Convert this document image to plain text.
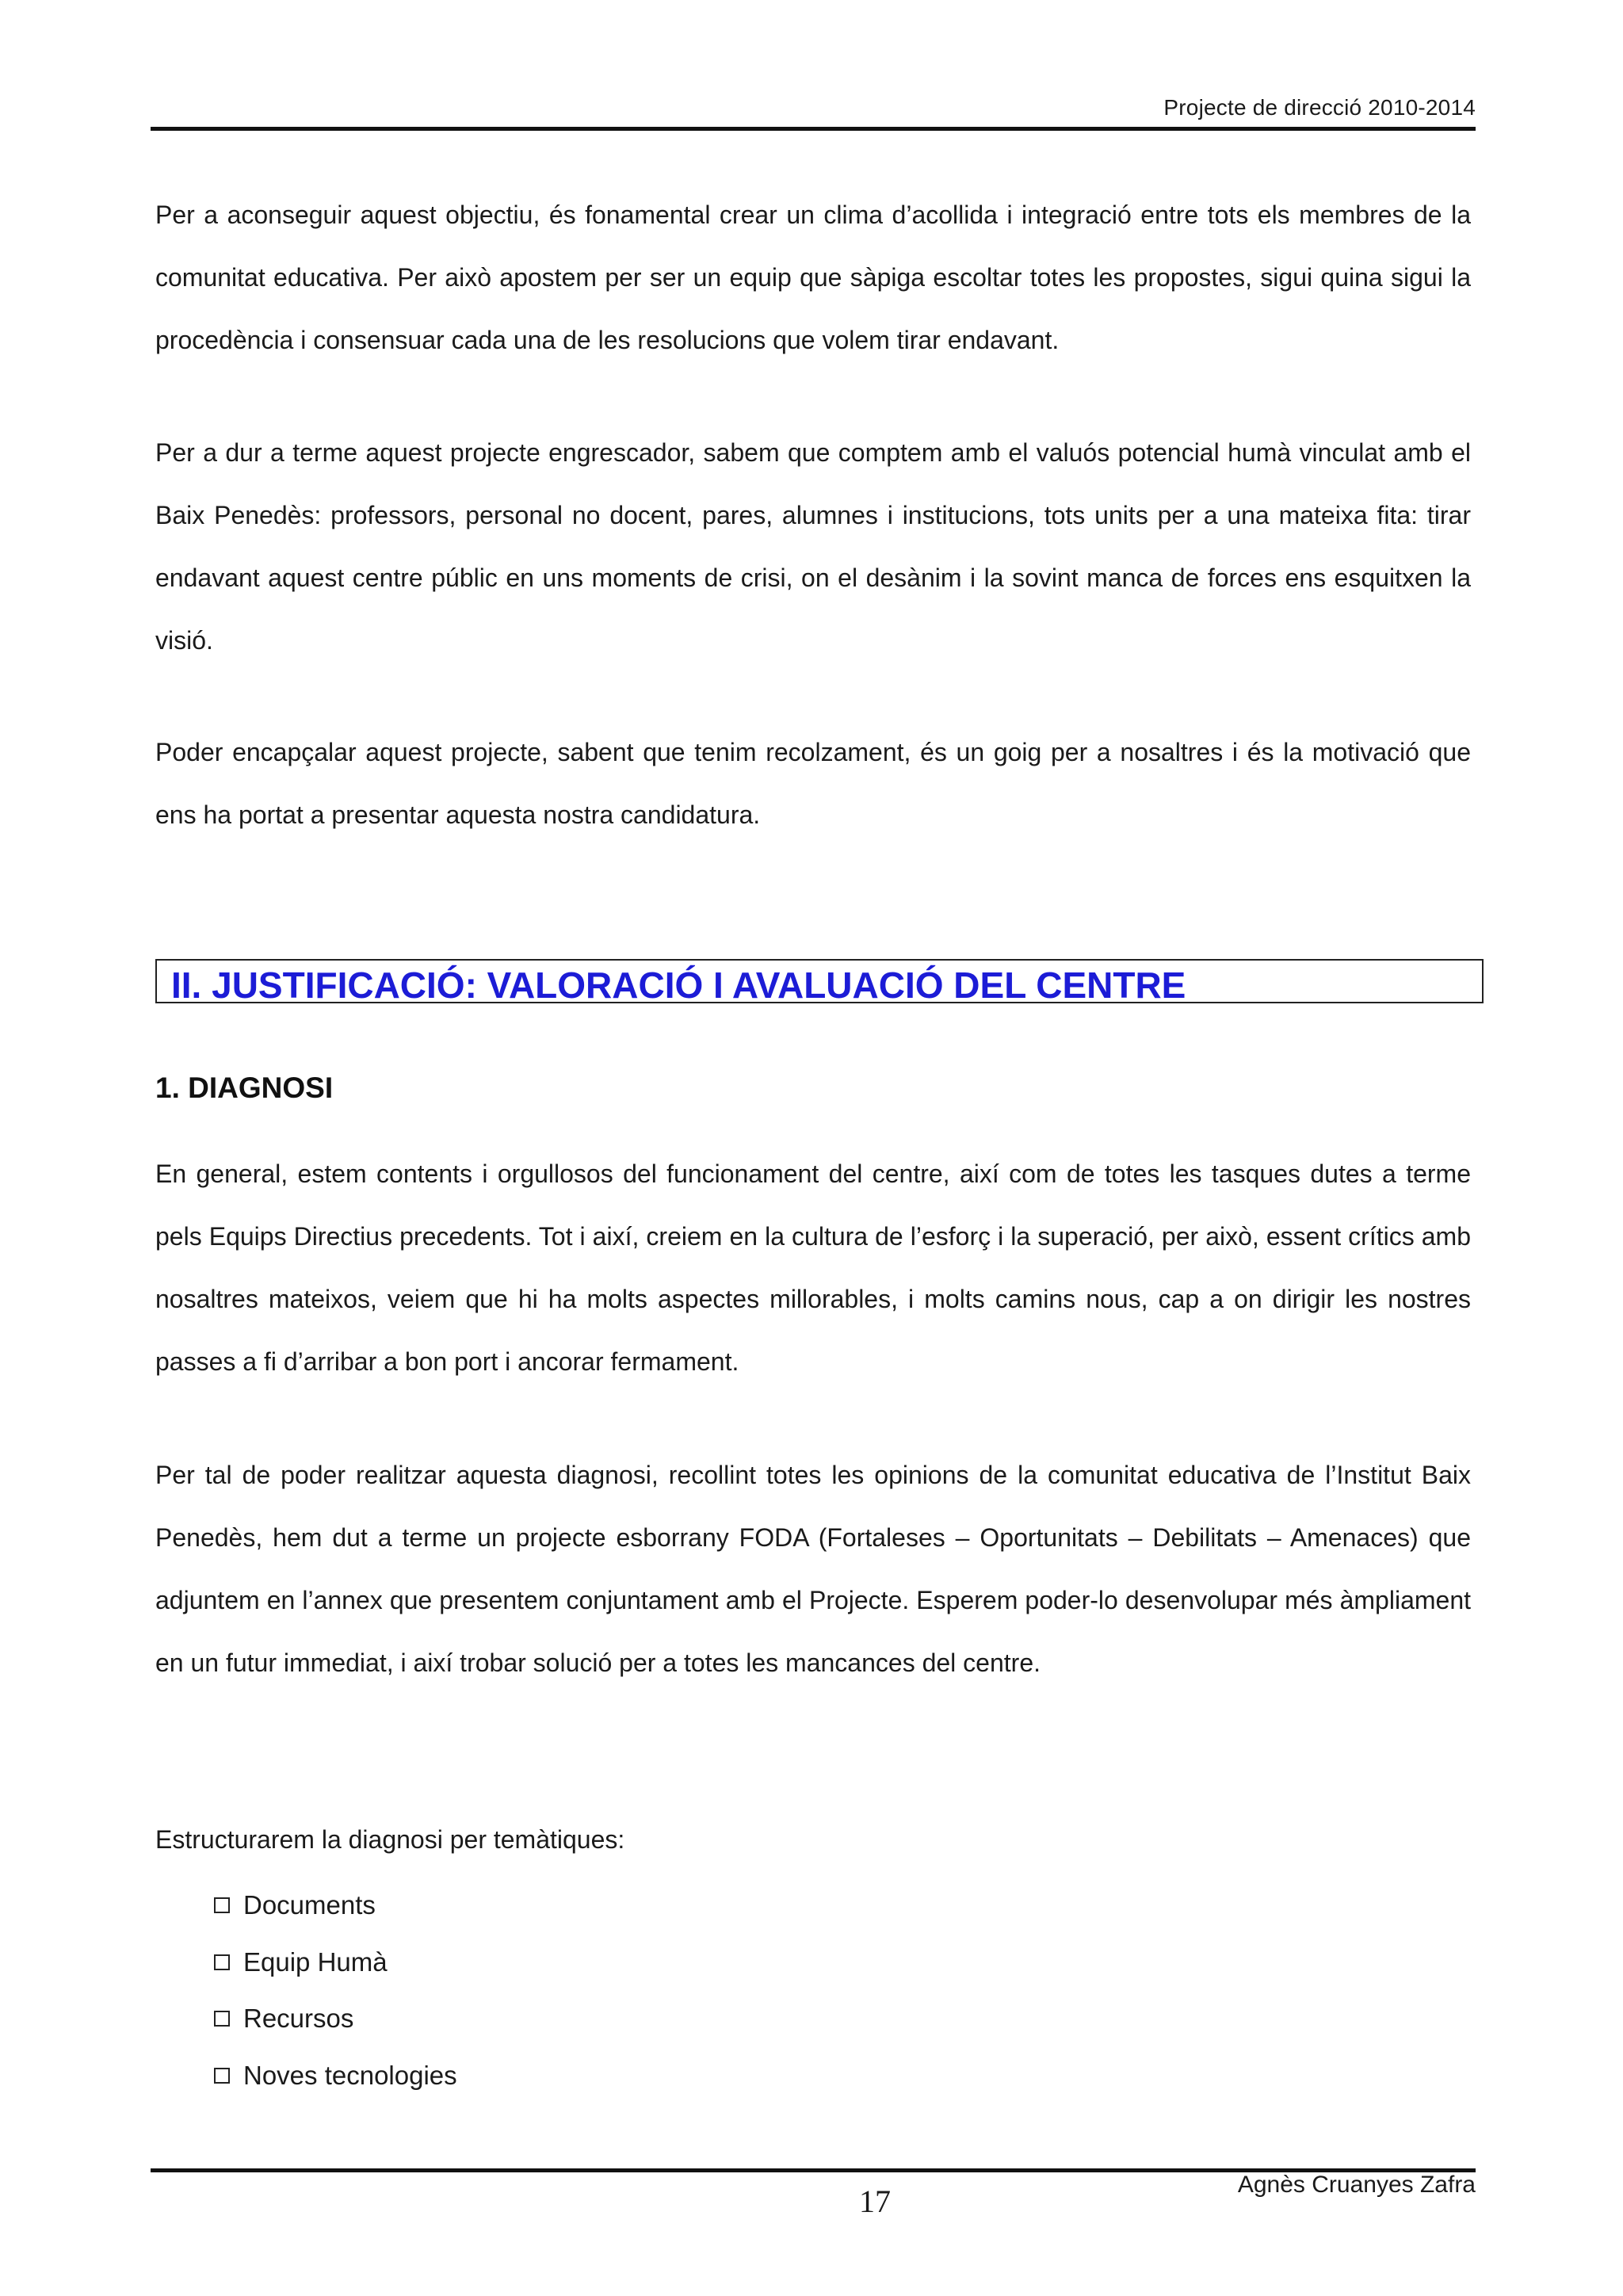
Projecte de direcció 2010-2014

Per a aconseguir aquest objectiu, és fonamental crear un clima d’acollida i integració entre tots els membres de la comunitat educativa. Per això apostem per ser un equip que sàpiga escoltar totes les propostes, sigui quina sigui la procedència i consensuar cada una de les resolucions que volem tirar endavant.

Per a dur a terme aquest projecte engrescador, sabem que comptem amb el valuós potencial humà vinculat amb el Baix Penedès: professors, personal no docent, pares, alumnes i institucions, tots units per a una mateixa fita: tirar endavant aquest centre públic en uns moments de crisi, on el desànim i la sovint manca de forces ens esquitxen la visió.

Poder encapçalar aquest projecte, sabent que tenim recolzament, és un goig per a nosaltres i és la motivació que ens ha portat a presentar aquesta nostra candidatura.

II. JUSTIFICACIÓ: VALORACIÓ I AVALUACIÓ DEL CENTRE
1. DIAGNOSI

En general, estem contents i orgullosos del funcionament del centre, així com de totes les tasques dutes a terme pels Equips Directius precedents. Tot i així, creiem en la cultura de l’esforç i la superació, per això, essent crítics amb nosaltres mateixos, veiem que hi ha molts aspectes millorables, i molts camins nous, cap a on dirigir les nostres passes a fi d’arribar a bon port i ancorar fermament.

Per tal de poder realitzar aquesta diagnosi, recollint totes les opinions de la comunitat educativa de l’Institut Baix Penedès, hem dut a terme un projecte esborrany FODA (Fortaleses – Oportunitats – Debilitats – Amenaces) que adjuntem en l’annex que presentem conjuntament amb el Projecte. Esperem poder-lo desenvolupar més àmpliament en un futur immediat, i així trobar solució per a totes les mancances del centre.

Estructurarem la diagnosi per temàtiques:

Documents
Equip Humà
Recursos
Noves tecnologies
17	Agnès Cruanyes Zafra
